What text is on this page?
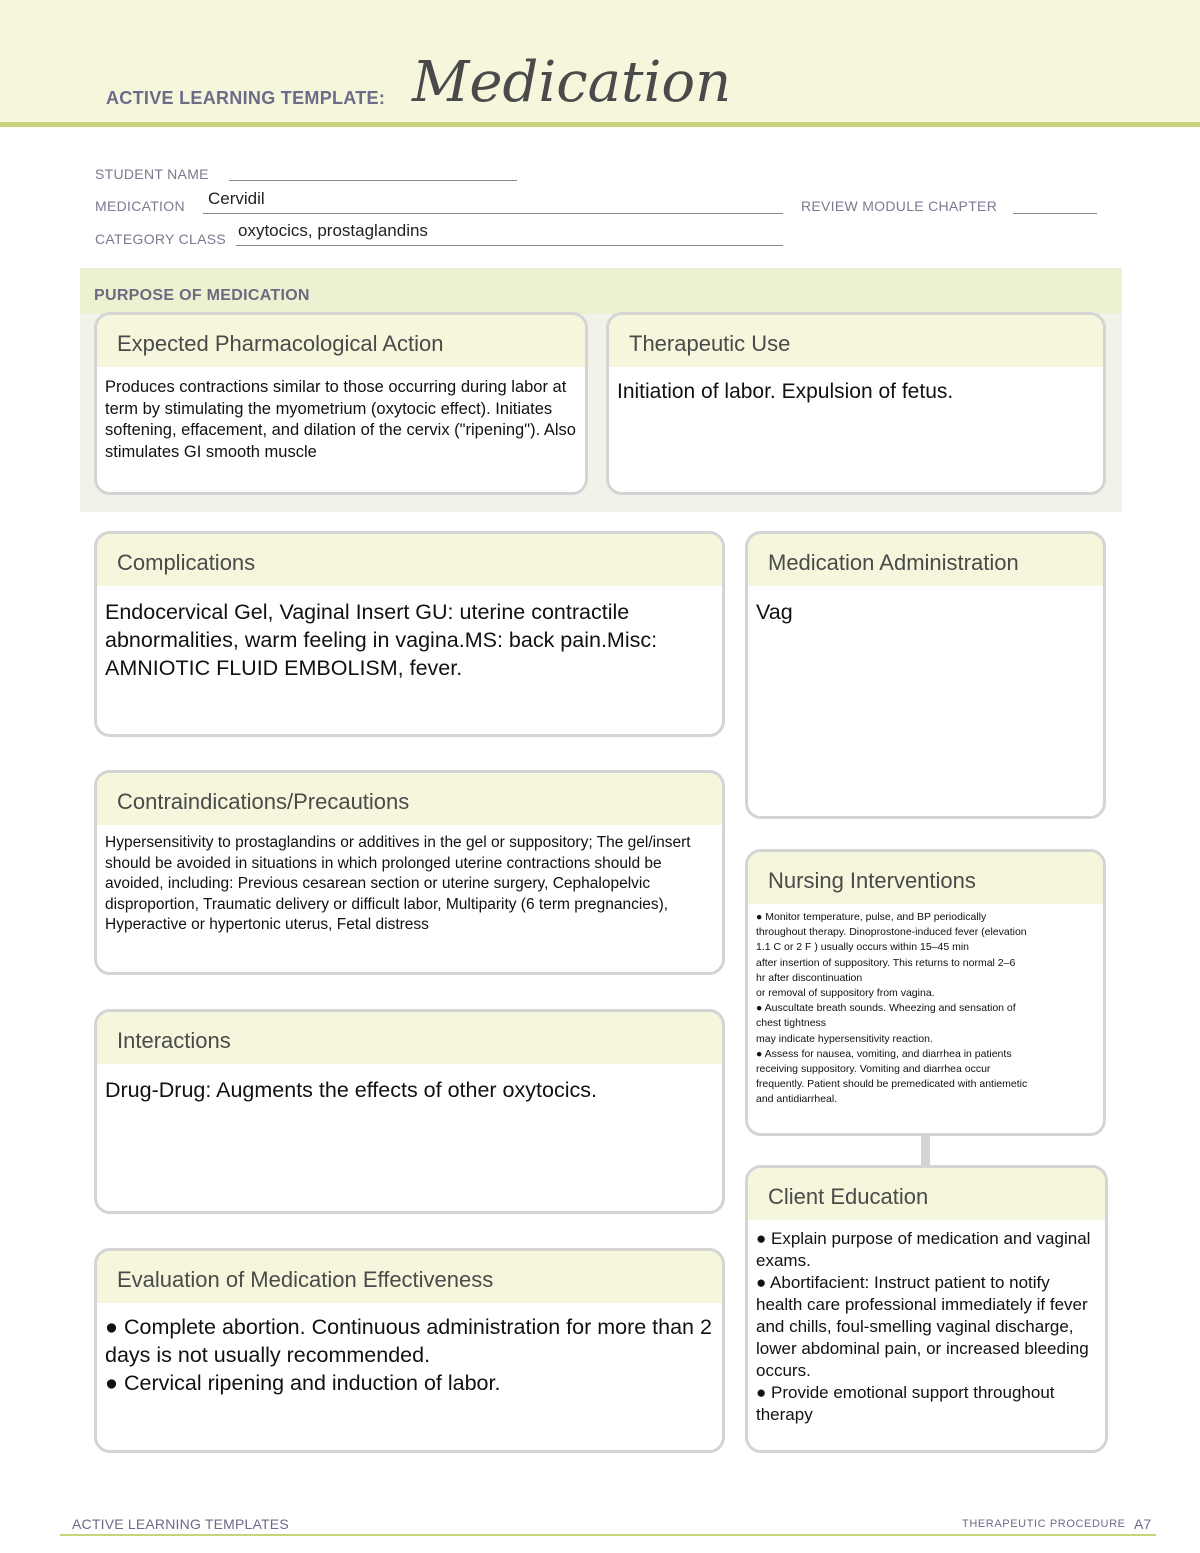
ACTIVE LEARNING TEMPLATE: Medication
STUDENT NAME
MEDICATION Cervidil	REVIEW MODULE CHAPTER
CATEGORY CLASS oxytocics, prostaglandins
PURPOSE OF MEDICATION
Expected Pharmacological Action
Produces contractions similar to those occurring during labor at term by stimulating the myometrium (oxytocic effect). Initiates softening, effacement, and dilation of the cervix ("ripening"). Also stimulates GI smooth muscle
Therapeutic Use
Initiation of labor. Expulsion of fetus.
Complications
Endocervical Gel, Vaginal Insert GU: uterine contractile abnormalities, warm feeling in vagina.MS: back pain.Misc: AMNIOTIC FLUID EMBOLISM, fever.
Medication Administration
Vag
Contraindications/Precautions
Hypersensitivity to prostaglandins or additives in the gel or suppository; The gel/insert should be avoided in situations in which prolonged uterine contractions should be avoided, including: Previous cesarean section or uterine surgery, Cephalopelvic disproportion, Traumatic delivery or difficult labor, Multiparity (6 term pregnancies), Hyperactive or hypertonic uterus, Fetal distress
Nursing Interventions
● Monitor temperature, pulse, and BP periodically
throughout therapy. Dinoprostone-induced fever (elevation
1.1 C or 2 F ) usually occurs within 15–45 min
after insertion of suppository. This returns to normal 2–6
hr after discontinuation
or removal of suppository from vagina.
● Auscultate breath sounds. Wheezing and sensation of
chest tightness
may indicate hypersensitivity reaction.
● Assess for nausea, vomiting, and diarrhea in patients
receiving suppository. Vomiting and diarrhea occur
frequently. Patient should be premedicated with antiemetic
and antidiarrheal.
Interactions
Drug-Drug: Augments the effects of other oxytocics.
Client Education
● Explain purpose of medication and vaginal exams.
● Abortifacient: Instruct patient to notify health care professional immediately if fever and chills, foul-smelling vaginal discharge, lower abdominal pain, or increased bleeding occurs.
● Provide emotional support throughout therapy
Evaluation of Medication Effectiveness
● Complete abortion. Continuous administration for more than 2 days is not usually recommended.
● Cervical ripening and induction of labor.
ACTIVE LEARNING TEMPLATES	THERAPEUTIC PROCEDURE A7
